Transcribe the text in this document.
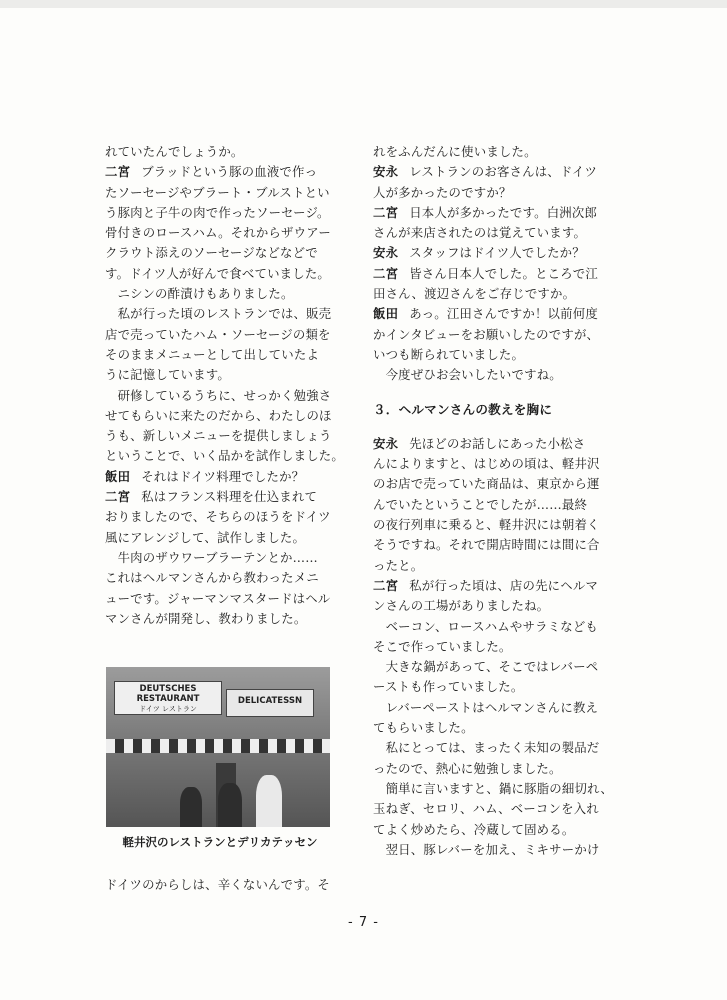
れていたんでしょうか。
二宮 ブラッドという豚の血液で作っ
たソーセージやブラート・ブルストとい
う豚肉と子牛の肉で作ったソーセージ。
骨付きのロースハム。それからザウアー
クラウト添えのソーセージなどなどで
す。ドイツ人が好んで食べていました。
　ニシンの酢漬けもありました。
　私が行った頃のレストランでは、販売
店で売っていたハム・ソーセージの類を
そのままメニューとして出していたよ
うに記憶しています。
　研修しているうちに、せっかく勉強さ
せてもらいに来たのだから、わたしのほ
うも、新しいメニューを提供しましょう
ということで、いく品かを試作しました。
飯田 それはドイツ料理でしたか？
二宮 私はフランス料理を仕込まれて
おりましたので、そちらのほうをドイツ
風にアレンジして、試作しました。
　牛肉のザウワーブラーテンとか……
これはヘルマンさんから教わったメニ
ューです。ジャーマンマスタードはヘル
マンさんが開発し、教わりました。
DEUTSCHES RESTAURANT
ドイツ レストラン
DELICATESSN
軽井沢のレストランとデリカテッセン
ドイツのからしは、辛くないんです。そ
れをふんだんに使いました。
安永 レストランのお客さんは、ドイツ
人が多かったのですか？
二宮 日本人が多かったです。白洲次郎
さんが来店されたのは覚えています。
安永 スタッフはドイツ人でしたか？
二宮 皆さん日本人でした。ところで江
田さん、渡辺さんをご存じですか。
飯田 あっ。江田さんですか！以前何度
かインタビューをお願いしたのですが、
いつも断られていました。
　今度ぜひお会いしたいですね。
３．ヘルマンさんの教えを胸に
安永 先ほどのお話しにあった小松さ
んによりますと、はじめの頃は、軽井沢
のお店で売っていた商品は、東京から運
んでいたということでしたが……最終
の夜行列車に乗ると、軽井沢には朝着く
そうですね。それで開店時間には間に合
ったと。
二宮 私が行った頃は、店の先にヘルマ
ンさんの工場がありましたね。
　ベーコン、ロースハムやサラミなども
そこで作っていました。
　大きな鍋があって、そこではレバーペ
ーストも作っていました。
　レバーペーストはヘルマンさんに教え
てもらいました。
　私にとっては、まったく未知の製品だ
ったので、熱心に勉強しました。
　簡単に言いますと、鍋に豚脂の細切れ、
玉ねぎ、セロリ、ハム、ベーコンを入れ
てよく炒めたら、冷蔵して固める。
　翌日、豚レバーを加え、ミキサーかけ
- 7 -
